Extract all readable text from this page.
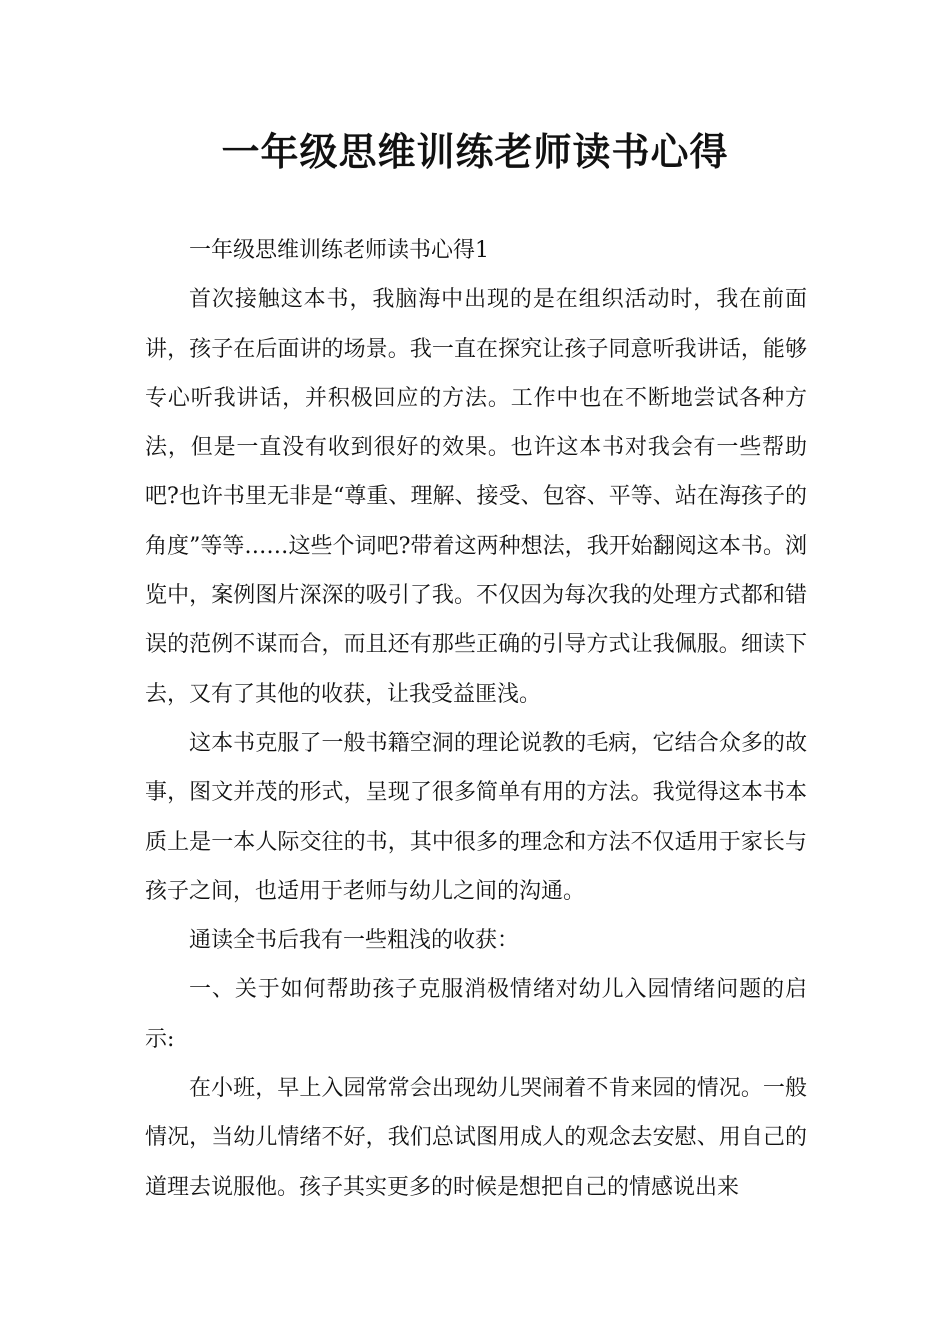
一年级思维训练老师读书心得

一年级思维训练老师读书心得1

首次接触这本书，我脑海中出现的是在组织活动时，我在前面讲，孩子在后面讲的场景。我一直在探究让孩子同意听我讲话，能够专心听我讲话，并积极回应的方法。工作中也在不断地尝试各种方法，但是一直没有收到很好的效果。也许这本书对我会有一些帮助吧?也许书里无非是“尊重、理解、接受、包容、平等、站在海孩子的角度”等等……这些个词吧?带着这两种想法，我开始翻阅这本书。浏览中，案例图片深深的吸引了我。不仅因为每次我的处理方式都和错误的范例不谋而合，而且还有那些正确的引导方式让我佩服。细读下去，又有了其他的收获，让我受益匪浅。

这本书克服了一般书籍空洞的理论说教的毛病，它结合众多的故事，图文并茂的形式，呈现了很多简单有用的方法。我觉得这本书本质上是一本人际交往的书，其中很多的理念和方法不仅适用于家长与孩子之间，也适用于老师与幼儿之间的沟通。

通读全书后我有一些粗浅的收获：

一、关于如何帮助孩子克服消极情绪对幼儿入园情绪问题的启示:

在小班，早上入园常常会出现幼儿哭闹着不肯来园的情况。一般情况，当幼儿情绪不好，我们总试图用成人的观念去安慰、用自己的道理去说服他。孩子其实更多的时候是想把自己的情感说出来
